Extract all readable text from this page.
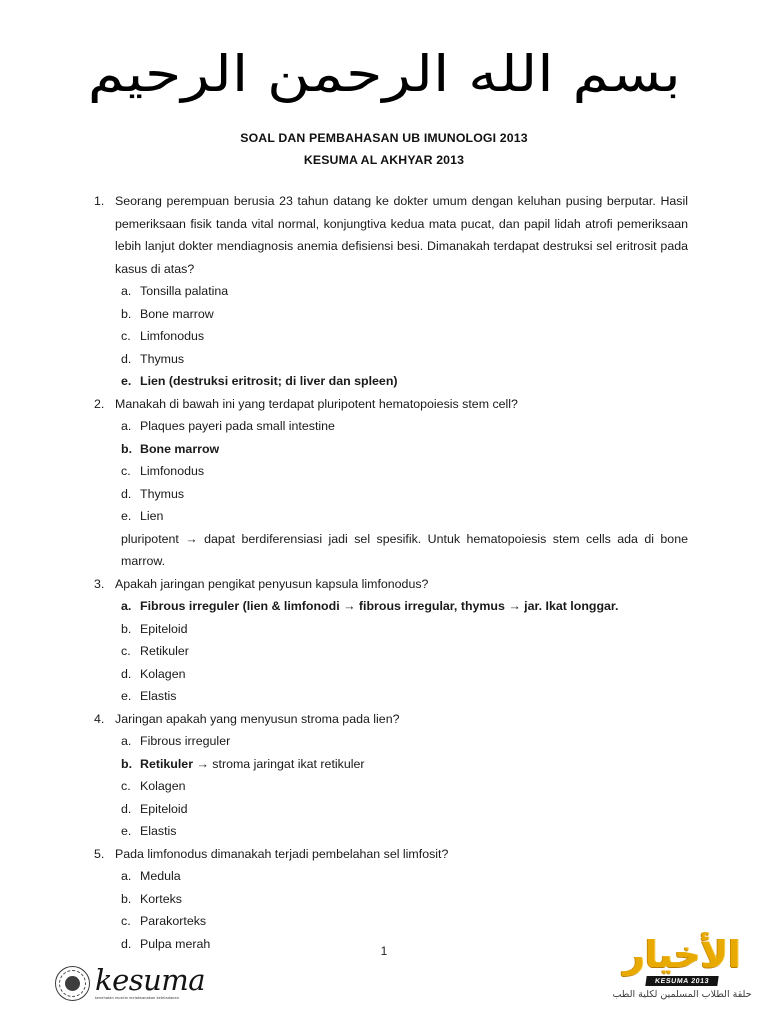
بسم الله الرحمن الرحيم
SOAL DAN PEMBAHASAN UB IMUNOLOGI 2013
KESUMA AL AKHYAR 2013
1. Seorang perempuan berusia 23 tahun datang ke dokter umum dengan keluhan pusing berputar. Hasil pemeriksaan fisik tanda vital normal, konjungtiva kedua mata pucat, dan papil lidah atrofi pemeriksaan lebih lanjut dokter mendiagnosis anemia defisiensi besi. Dimanakah terdapat destruksi sel eritrosit pada kasus di atas?
a. Tonsilla palatina
b. Bone marrow
c. Limfonodus
d. Thymus
e. Lien (destruksi eritrosit; di liver dan spleen)
2. Manakah di bawah ini yang terdapat pluripotent hematopoiesis stem cell?
a. Plaques payeri pada small intestine
b. Bone marrow
c. Limfonodus
d. Thymus
e. Lien
pluripotent → dapat berdiferensiasi jadi sel spesifik. Untuk hematopoiesis stem cells ada di bone marrow.
3. Apakah jaringan pengikat penyusun kapsula limfonodus?
a. Fibrous irreguler (lien & limfonodi → fibrous irregular, thymus → jar. Ikat longgar.
b. Epiteloid
c. Retikuler
d. Kolagen
e. Elastis
4. Jaringan apakah yang menyusun stroma pada lien?
a. Fibrous irreguler
b. Retikuler → stroma jaringat ikat retikuler
c. Kolagen
d. Epiteloid
e. Elastis
5. Pada limfonodus dimanakah terjadi pembelahan sel limfosit?
a. Medula
b. Korteks
c. Parakorteks
d. Pulpa merah
1
kesuma
kesehatan muslim melaksanakan keteladanan
الأخيار
KESUMA 2013
حلقة الطلاب المسلمين لكلية الطب
